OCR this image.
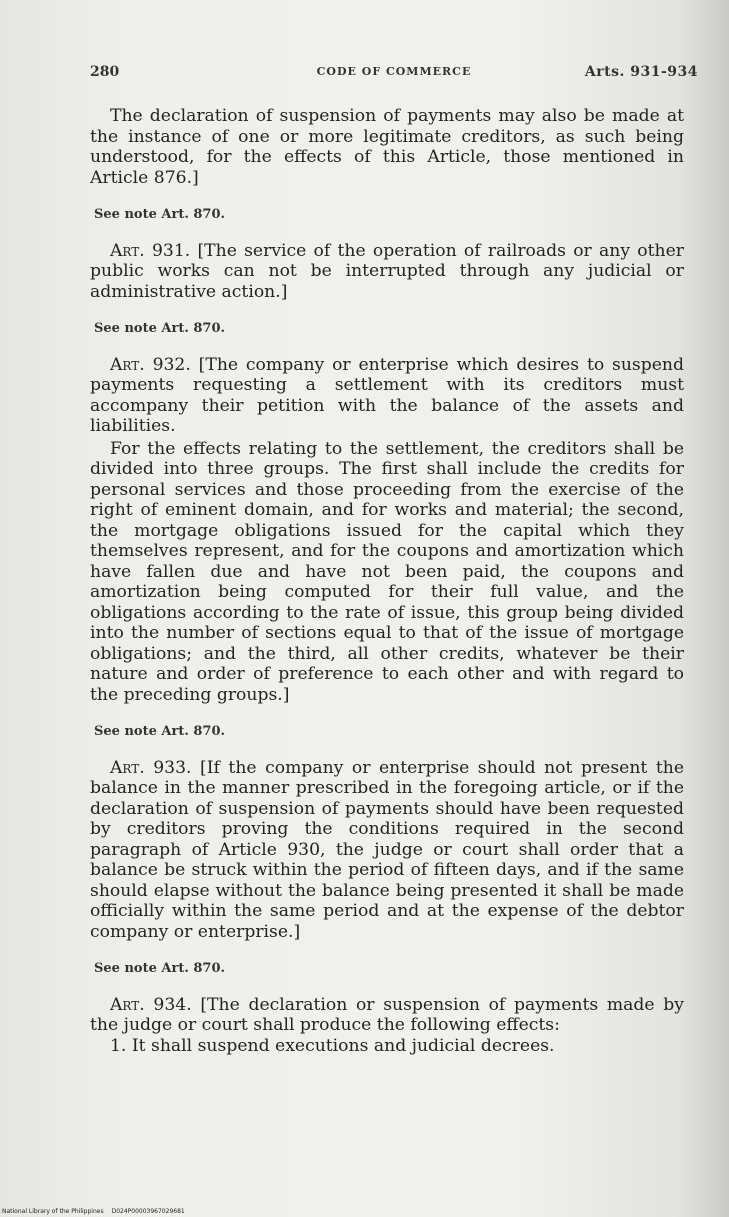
280	CODE OF COMMERCE	Arts. 931-934

The declaration of suspension of payments may also be made at the instance of one or more legitimate creditors, as such being understood, for the effects of this Article, those mentioned in Article 876.]

See note Art. 870.

Art. 931. [The service of the operation of railroads or any other public works can not be interrupted through any judicial or administrative action.]

See note Art. 870.

Art. 932. [The company or enterprise which desires to suspend payments requesting a settlement with its creditors must accompany their petition with the balance of the assets and liabilities.

For the effects relating to the settlement, the creditors shall be divided into three groups. The first shall include the credits for personal services and those proceeding from the exercise of the right of eminent domain, and for works and material; the second, the mortgage obligations issued for the capital which they themselves represent, and for the coupons and amortization which have fallen due and have not been paid, the coupons and amortization being computed for their full value, and the obligations according to the rate of issue, this group being divided into the number of sections equal to that of the issue of mortgage obligations; and the third, all other credits, whatever be their nature and order of preference to each other and with regard to the preceding groups.]

See note Art. 870.

Art. 933. [If the company or enterprise should not present the balance in the manner prescribed in the foregoing article, or if the declaration of suspension of payments should have been requested by creditors proving the conditions required in the second paragraph of Article 930, the judge or court shall order that a balance be struck within the period of fifteen days, and if the same should elapse without the balance being presented it shall be made officially within the same period and at the expense of the debtor company or enterprise.]

See note Art. 870.

Art. 934. [The declaration or suspension of payments made by the judge or court shall produce the following effects:

1. It shall suspend executions and judicial decrees.
National Library of the Philippines D024P00003967029681
